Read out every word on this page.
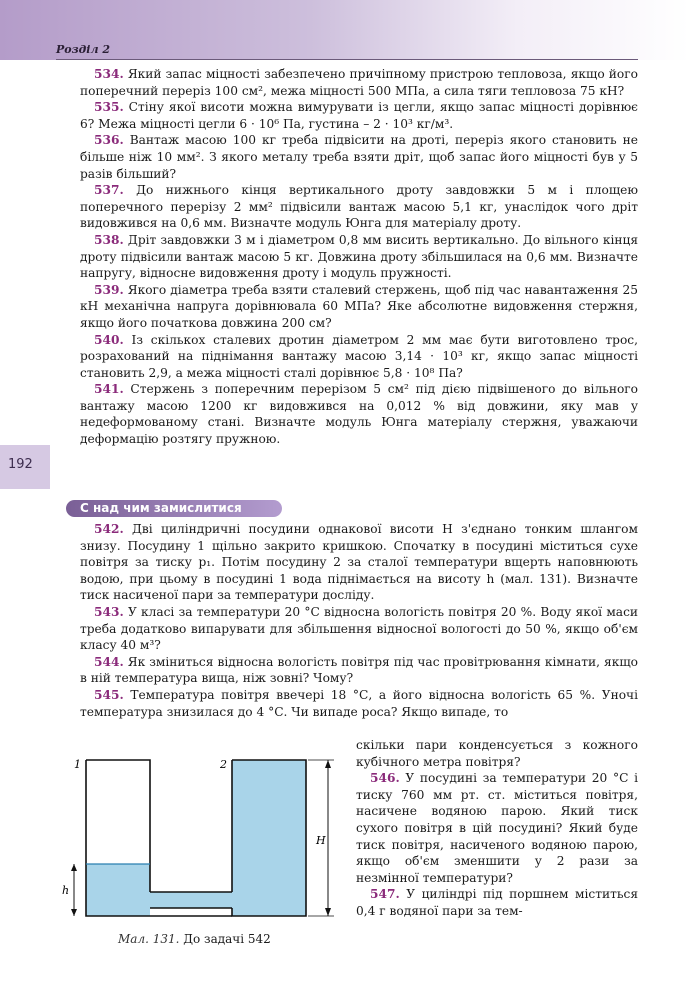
Розділ 2

534. Який запас міцності забезпечено причіпному пристрою тепловоза, якщо його поперечний переріз 100 см², межа міцності 500 МПа, а сила тяги тепловоза 75 кН?

535. Стіну якої висоти можна вимурувати із цегли, якщо запас міцності дорівнює 6? Межа міцності цегли 6 · 10⁶ Па, густина – 2 · 10³ кг/м³.

536. Вантаж масою 100 кг треба підвісити на дроті, переріз якого становить не більше ніж 10 мм². З якого металу треба взяти дріт, щоб запас його міцності був у 5 разів більший?

537. До нижнього кінця вертикального дроту завдовжки 5 м і площею поперечного перерізу 2 мм² підвісили вантаж масою 5,1 кг, унаслідок чого дріт видовжився на 0,6 мм. Визначте модуль Юнга для матеріалу дроту.

538. Дріт завдовжки 3 м і діаметром 0,8 мм висить вертикально. До вільного кінця дроту підвісили вантаж масою 5 кг. Довжина дроту збільшилася на 0,6 мм. Визначте напругу, відносне видовження дроту і модуль пружності.

539. Якого діаметра треба взяти сталевий стержень, щоб під час навантаження 25 кН механічна напруга дорівнювала 60 МПа? Яке абсолютне видовження стержня, якщо його початкова довжина 200 см?

540. Із скількох сталевих дротин діаметром 2 мм має бути виготовлено трос, розрахований на піднімання вантажу масою 3,14 · 10³ кг, якщо запас міцності становить 2,9, а межа міцності сталі дорівнює 5,8 · 10⁸ Па?

541. Стержень з поперечним перерізом 5 см² під дією підвішеного до вільного вантажу масою 1200 кг видовжився на 0,012 % від довжини, яку мав у недеформованому стані. Визначте модуль Юнга матеріалу стержня, уважаючи деформацію розтягу пружною.

192
С над чим замислитися

542. Дві циліндричні посудини однакової висоти H з'єднано тонким шлангом знизу. Посудину 1 щільно закрито кришкою. Спочатку в посудині міститься сухе повітря за тиску p₁. Потім посудину 2 за сталої температури вщерть наповнюють водою, при цьому в посудині 1 вода піднімається на висоту h (мал. 131). Визначте тиск насиченої пари за температури досліду.

543. У класі за температури 20 °С відносна вологість повітря 20 %. Воду якої маси треба додатково випарувати для збільшення відносної вологості до 50 %, якщо об'єм класу 40 м³?

544. Як зміниться відносна вологість повітря під час провітрювання кімнати, якщо в ній температура вища, ніж зовні? Чому?

545. Температура повітря ввечері 18 °С, а його відносна вологість 65 %. Уночі температура знизилася до 4 °С. Чи випаде роса? Якщо випаде, то

скільки пари конденсується з кожного кубічного метра повітря?

546. У посудині за температури 20 °С і тиску 760 мм рт. ст. міститься повітря, насичене водяною парою. Який тиск сухого повітря в цій посудині? Який буде тиск повітря, насиченого водяною парою, якщо об'єм зменшити у 2 рази за незмінної температури?

547. У циліндрі під поршнем міститься 0,4 г водяної пари за тем-

1	2
H
h
Мал. 131. До задачі 542
